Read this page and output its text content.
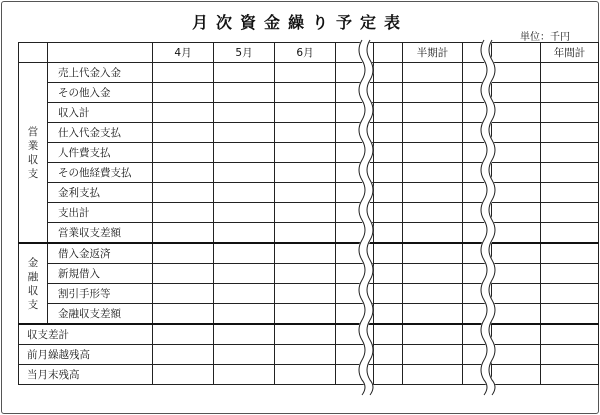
月次資金繰り予定表
単位：千円
		4月	5月	6月			半期計			年間計
営業収支	売上代金入金									
	その他入金									
	収入計									
	仕入代金支払									
	人件費支払									
	その他経費支払									
	金利支払									
	支出計									
	営業収支差額									
金融収支	借入金返済									
	新規借入									
	割引手形等									
	金融収支差額									
収支差計										
前月繰越残高										
当月末残高										
